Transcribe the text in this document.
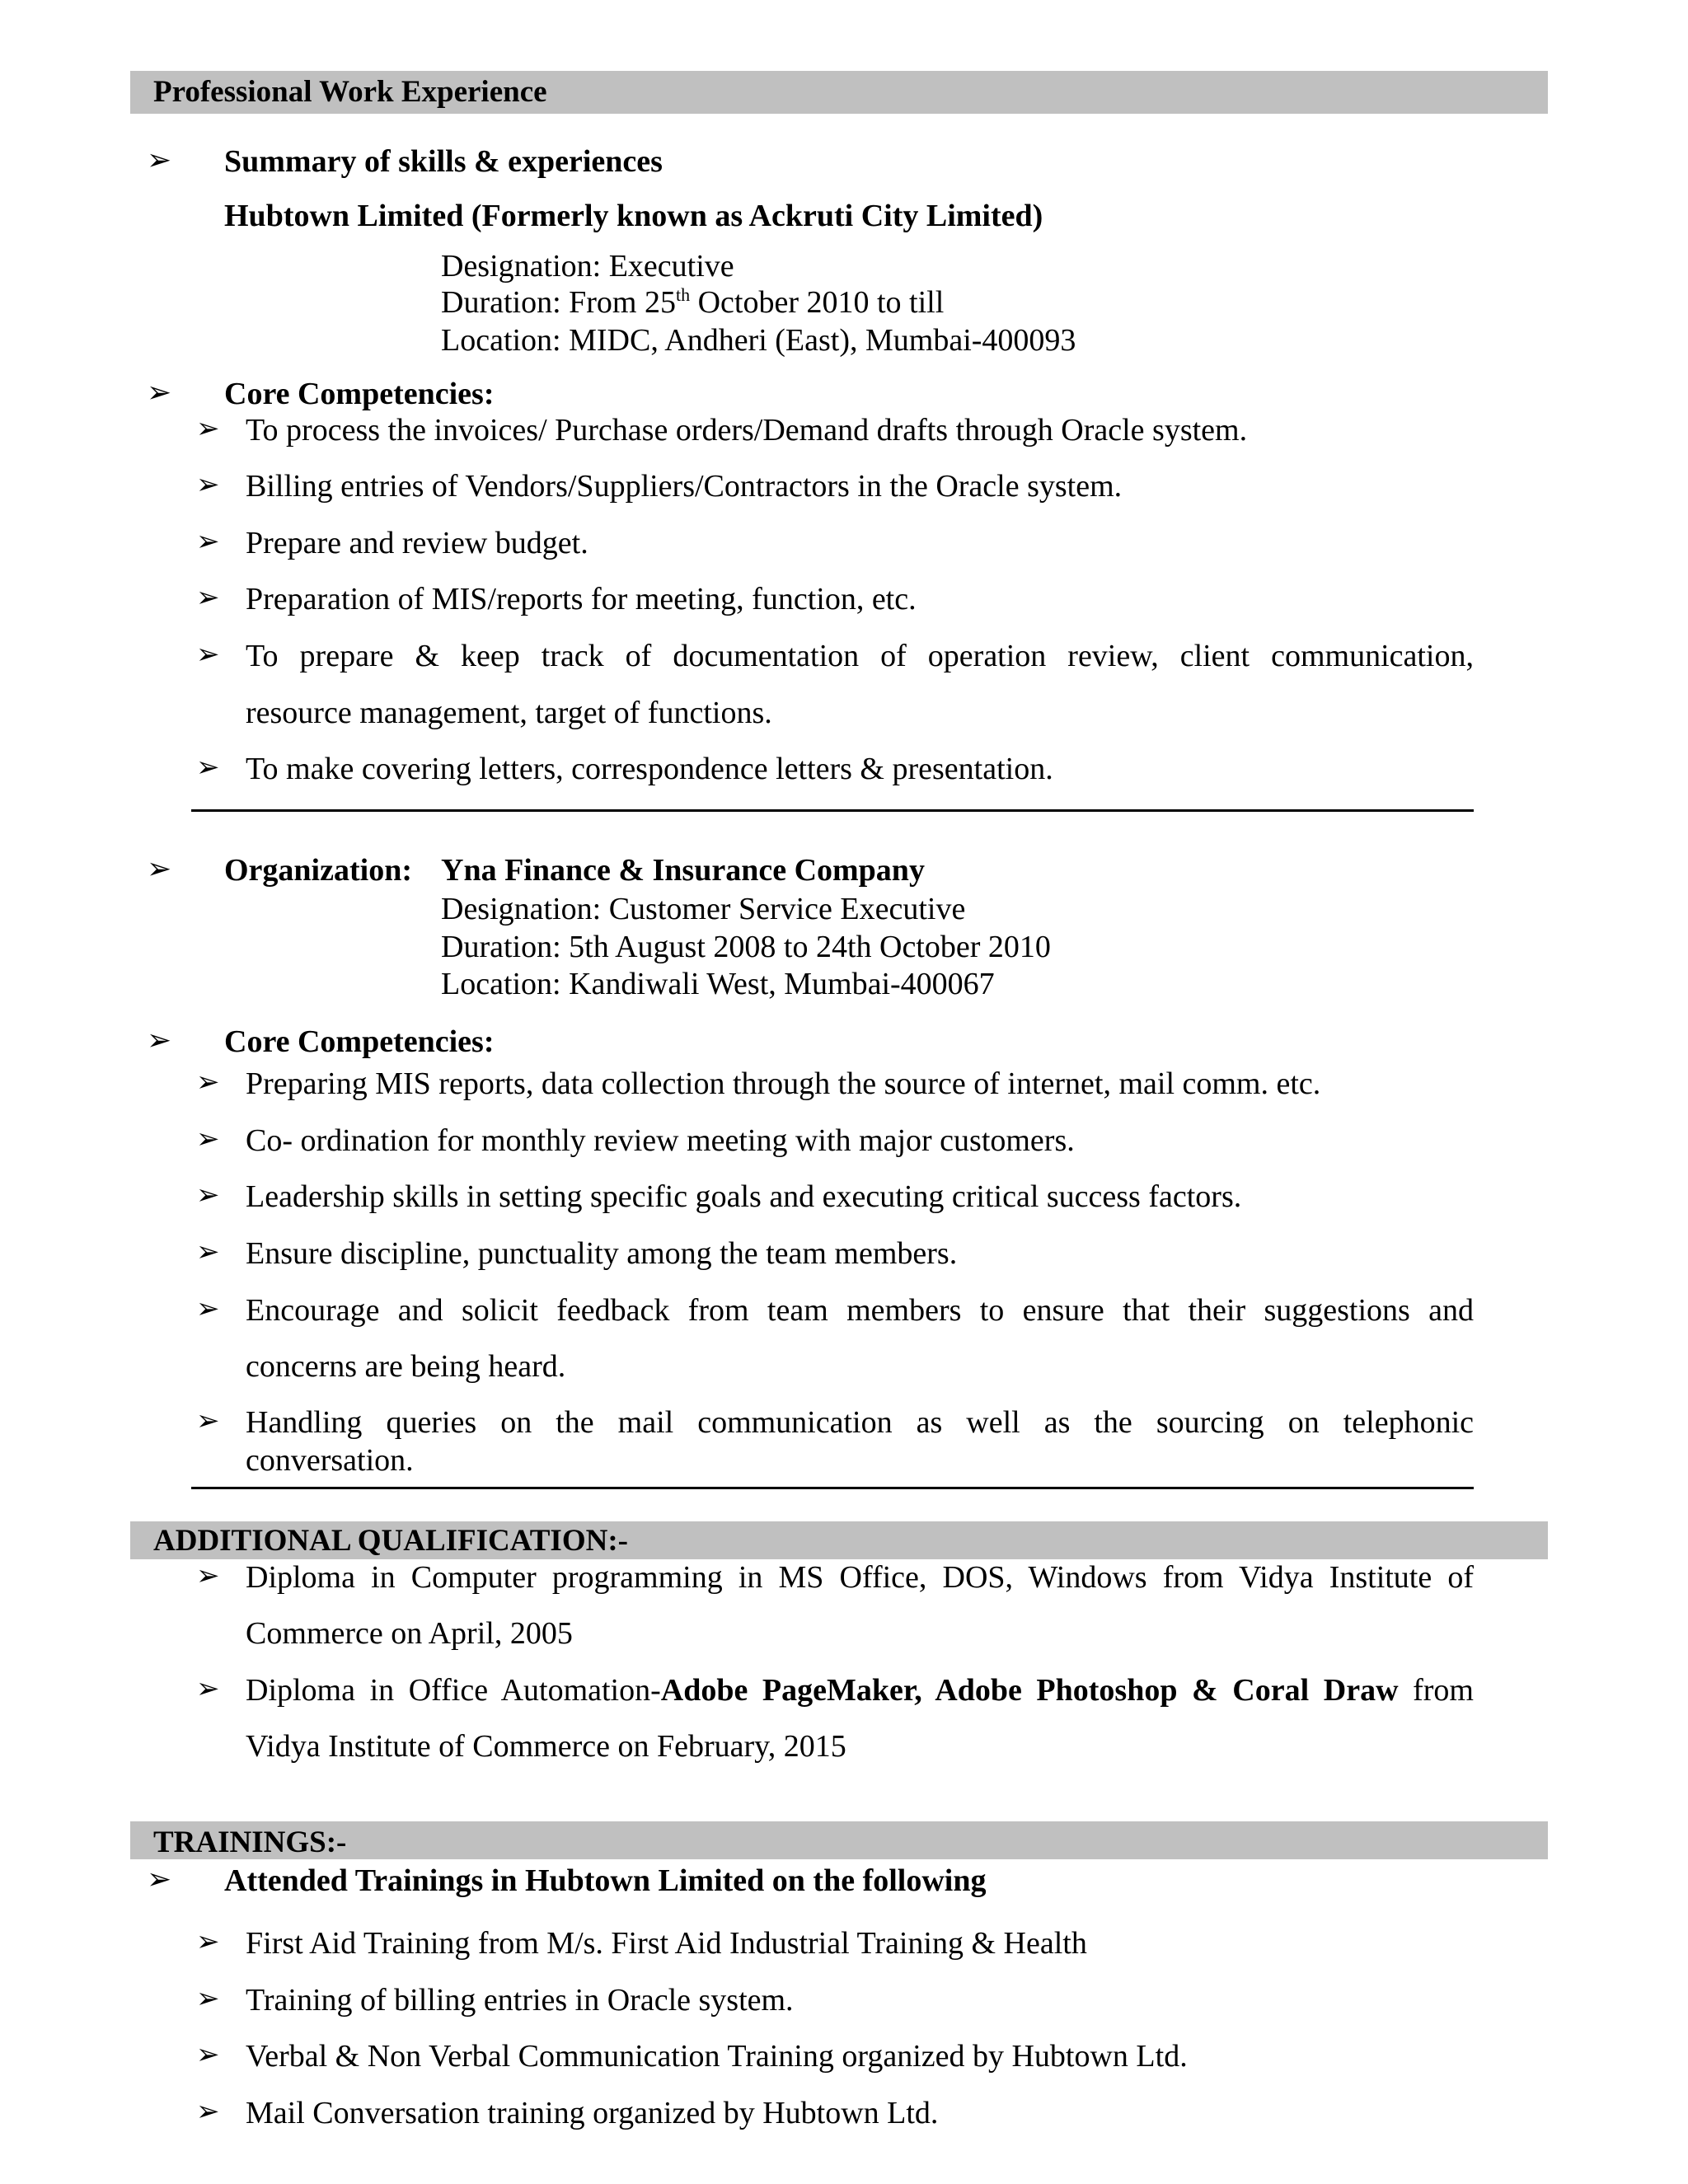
Professional Work Experience
➢ Summary of skills & experiences
Hubtown Limited (Formerly known as Ackruti City Limited)
Designation: Executive
Duration: From 25th October 2010 to till
Location: MIDC, Andheri (East), Mumbai-400093
➢ Core Competencies:
➢ To process the invoices/ Purchase orders/Demand drafts through Oracle system.
➢ Billing entries of Vendors/Suppliers/Contractors in the Oracle system.
➢ Prepare and review budget.
➢ Preparation of MIS/reports for meeting, function, etc.
➢ To prepare & keep track of documentation of operation review, client communication,
resource management, target of functions.
➢ To make covering letters, correspondence letters & presentation.
➢ Organization: Yna Finance & Insurance Company
Designation: Customer Service Executive
Duration: 5th August 2008 to 24th October 2010
Location: Kandiwali West, Mumbai-400067
➢ Core Competencies:
➢ Preparing MIS reports, data collection through the source of internet, mail comm. etc.
➢ Co- ordination for monthly review meeting with major customers.
➢ Leadership skills in setting specific goals and executing critical success factors.
➢ Ensure discipline, punctuality among the team members.
➢ Encourage and solicit feedback from team members to ensure that their suggestions and
concerns are being heard.
➢ Handling queries on the mail communication as well as the sourcing on telephonic
conversation.
ADDITIONAL QUALIFICATION:-
➢ Diploma in Computer programming in MS Office, DOS, Windows from Vidya Institute of
Commerce on April, 2005
➢ Diploma in Office Automation-Adobe PageMaker, Adobe Photoshop & Coral Draw from
Vidya Institute of Commerce on February, 2015
TRAININGS:-
➢ Attended Trainings in Hubtown Limited on the following
➢ First Aid Training from M/s. First Aid Industrial Training & Health
➢ Training of billing entries in Oracle system.
➢ Verbal & Non Verbal Communication Training organized by Hubtown Ltd.
➢ Mail Conversation training organized by Hubtown Ltd.
